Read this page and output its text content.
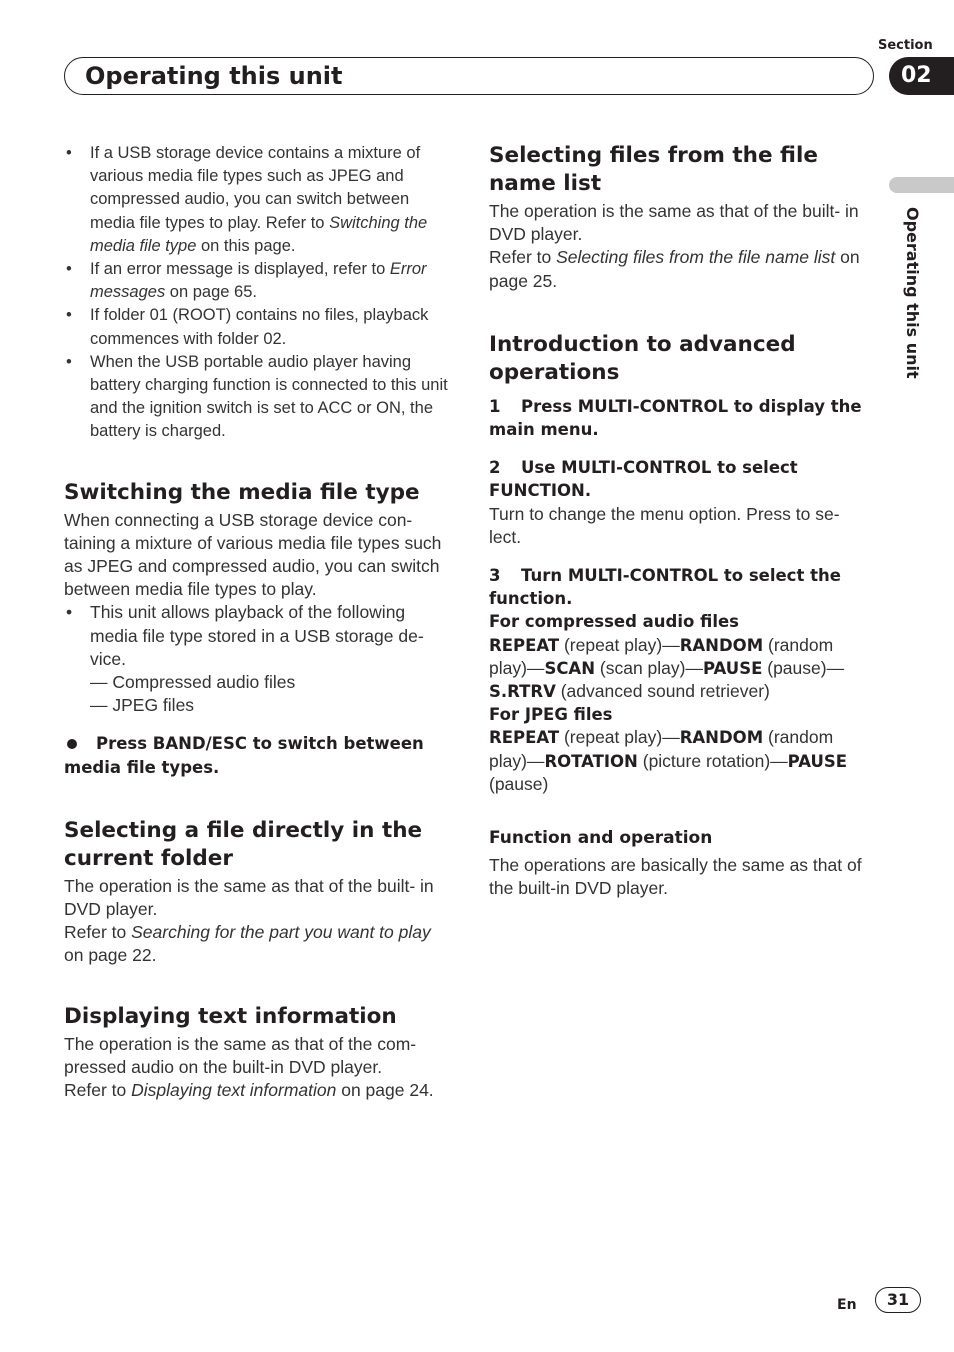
Section
Operating this unit	02
Operating this unit
• If a USB storage device contains a mixture of various media file types such as JPEG and compressed audio, you can switch between media file types to play. Refer to Switching the media file type on this page.
• If an error message is displayed, refer to Error messages on page 65.
• If folder 01 (ROOT) contains no files, playback commences with folder 02.
• When the USB portable audio player having battery charging function is connected to this unit and the ignition switch is set to ACC or ON, the battery is charged.
Switching the media file type

When connecting a USB storage device con- taining a mixture of various media file types such as JPEG and compressed audio, you can switch between media file types to play.

• This unit allows playback of the following media file type stored in a USB storage de- vice.

— Compressed audio files

— JPEG files

Press BAND/ESC to switch between media file types.
Selecting a file directly in the current folder

The operation is the same as that of the built- in DVD player.

Refer to Searching for the part you want to play on page 22.

Displaying text information

The operation is the same as that of the com- pressed audio on the built-in DVD player.

Refer to Displaying text information on page 24.

Selecting files from the file name list

The operation is the same as that of the built- in DVD player.

Refer to Selecting files from the file name list on page 25.

Introduction to advanced operations
1 Press MULTI-CONTROL to display the main menu.
2 Use MULTI-CONTROL to select FUNCTION.

Turn to change the menu option. Press to se- lect.

3 Turn MULTI-CONTROL to select the function.
For compressed audio files

REPEAT (repeat play)—RANDOM (random play)—SCAN (scan play)—PAUSE (pause)—S.RTRV (advanced sound retriever)

For JPEG files

REPEAT (repeat play)—RANDOM (random play)—ROTATION (picture rotation)—PAUSE (pause)

Function and operation

The operations are basically the same as that of the built-in DVD player.

En	31
